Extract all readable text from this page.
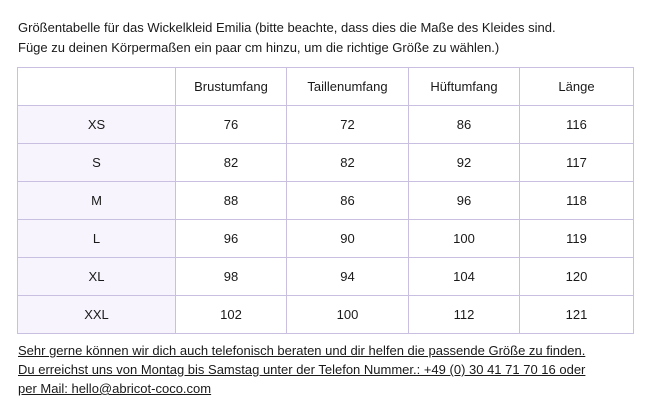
Größentabelle für das Wickelkleid Emilia (bitte beachte, dass dies die Maße des Kleides sind.

Füge zu deinen Körpermaßen ein paar cm hinzu, um die richtige Größe zu wählen.)

	Brustumfang	Taillenumfang	Hüftumfang	Länge
XS	76	72	86	116
S	82	82	92	117
M	88	86	96	118
L	96	90	100	119
XL	98	94	104	120
XXL	102	100	112	121

Sehr gerne können wir dich auch telefonisch beraten und dir helfen die passende Größe zu finden.

Du erreichst uns von Montag bis Samstag unter der Telefon Nummer.: +49 (0) 30 41 71 70 16 oder

per Mail: hello@abricot-coco.com
